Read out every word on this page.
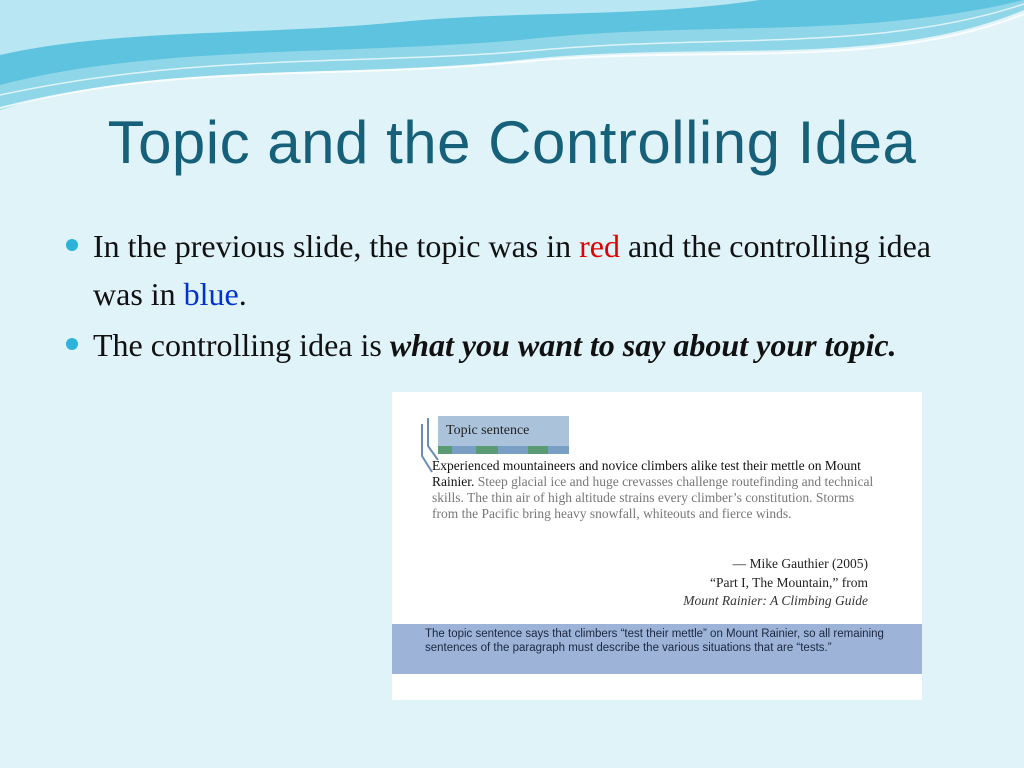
Topic and the Controlling Idea
In the previous slide, the topic was in red and the controlling idea was in blue.
The controlling idea is what you want to say about your topic.
Topic sentence
Experienced mountaineers and novice climbers alike test their mettle on Mount Rainier. Steep glacial ice and huge crevasses challenge routefinding and technical skills. The thin air of high altitude strains every climber’s constitution. Storms from the Pacific bring heavy snowfall, whiteouts and fierce winds.
— Mike Gauthier (2005)
“Part I, The Mountain,” from
Mount Rainier: A Climbing Guide
The topic sentence says that climbers “test their mettle” on Mount Rainier, so all remaining sentences of the paragraph must describe the various situations that are “tests.”
